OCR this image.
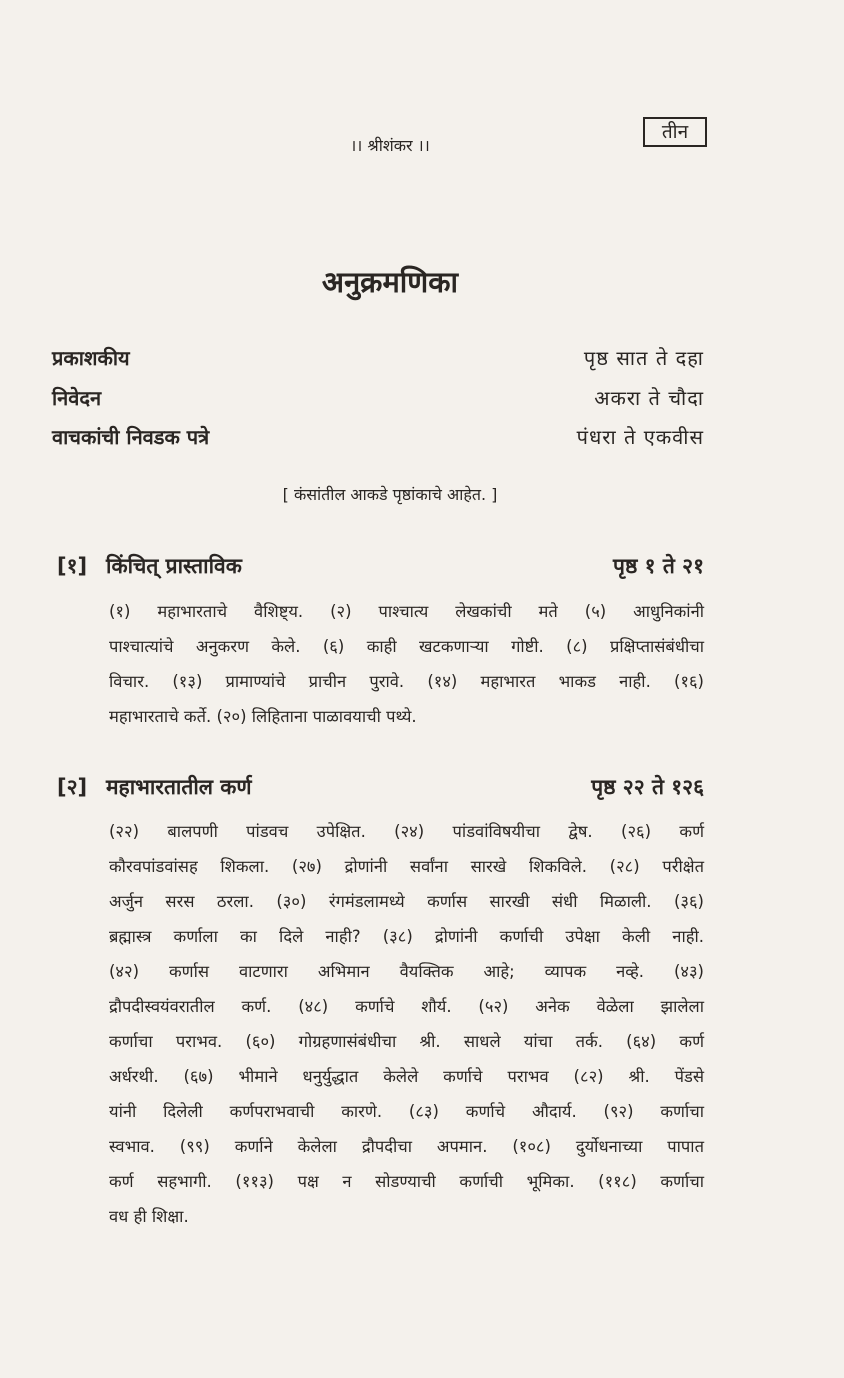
तीन
।। श्रीशंकर ।।
अनुक्रमणिका
प्रकाशकीय	पृष्ठ सात ते दहा
निवेदन	अकरा ते चौदा
वाचकांची निवडक पत्रे	पंधरा ते एकवीस
[ कंसांतील आकडे पृष्ठांकाचे आहेत. ]
[१] किंचित् प्रास्ताविक	पृष्ठ १ ते २१
(१) महाभारताचे वैशिष्ट्य. (२) पाश्चात्य लेखकांची मते (५) आधुनिकांनी
पाश्चात्यांचे अनुकरण केले. (६) काही खटकणाऱ्या गोष्टी. (८) प्रक्षिप्तासंबंधीचा
विचार. (१३) प्रामाण्यांचे प्राचीन पुरावे. (१४) महाभारत भाकड नाही. (१६)
महाभारताचे कर्ते. (२०) लिहिताना पाळावयाची पथ्ये.
[२] महाभारतातील कर्ण	पृष्ठ २२ ते १२६
(२२) बालपणी पांडवच उपेक्षित. (२४) पांडवांविषयीचा द्वेष. (२६) कर्ण
कौरवपांडवांसह शिकला. (२७) द्रोणांनी सर्वांना सारखे शिकविले. (२८) परीक्षेत
अर्जुन सरस ठरला. (३०) रंगमंडलामध्ये कर्णास सारखी संधी मिळाली. (३६)
ब्रह्मास्त्र कर्णाला का दिले नाही? (३८) द्रोणांनी कर्णाची उपेक्षा केली नाही.
(४२) कर्णास वाटणारा अभिमान वैयक्तिक आहे; व्यापक नव्हे. (४३)
द्रौपदीस्वयंवरातील कर्ण. (४८) कर्णाचे शौर्य. (५२) अनेक वेळेला झालेला
कर्णाचा पराभव. (६०) गोग्रहणासंबंधीचा श्री. साधले यांचा तर्क. (६४) कर्ण
अर्धरथी. (६७) भीमाने धनुर्युद्धात केलेले कर्णाचे पराभव (८२) श्री. पेंडसे
यांनी दिलेली कर्णपराभवाची कारणे. (८३) कर्णाचे औदार्य. (९२) कर्णाचा
स्वभाव. (९९) कर्णाने केलेला द्रौपदीचा अपमान. (१०८) दुर्योधनाच्या पापात
कर्ण सहभागी. (११३) पक्ष न सोडण्याची कर्णाची भूमिका. (११८) कर्णाचा
वध ही शिक्षा.
